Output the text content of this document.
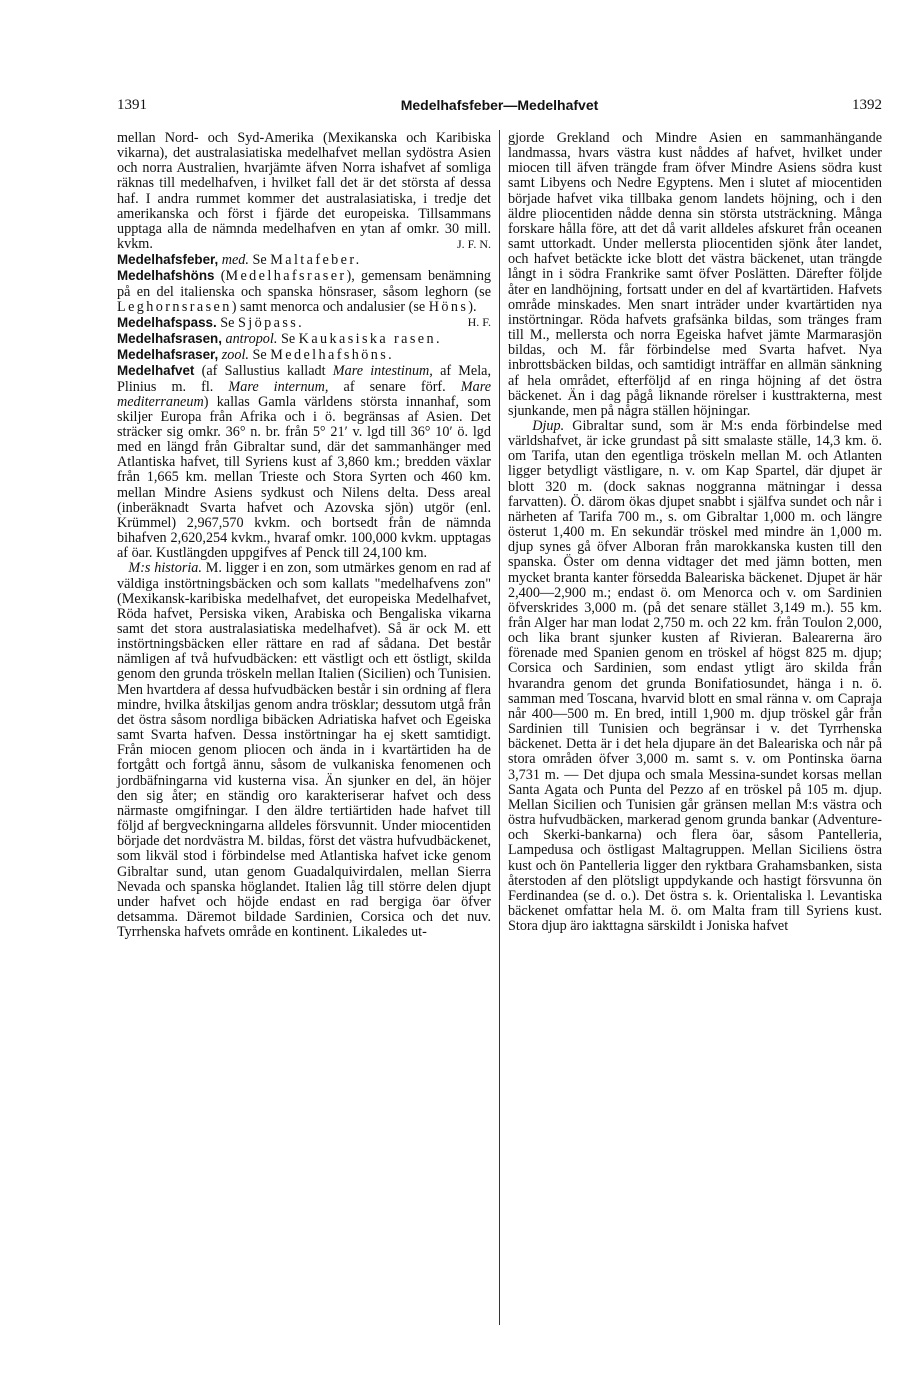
1391	Medelhafsfeber—Medelhafvet	1392

mellan Nord- och Syd-Amerika (Mexikanska och Karibiska vikarna), det australasiatiska medelhafvet mellan sydöstra Asien och norra Australien, hvarjämte äfven Norra ishafvet af somliga räknas till medelhafven, i hvilket fall det är det största af dessa haf. I andra rummet kommer det australasiatiska, i tredje det amerikanska och först i fjärde det europeiska. Tillsammans upptaga alla de nämnda medelhafven en ytan af omkr. 30 mill. kvkm.	J. F. N.

Medelhafsfeber, med. Se Maltafeber.

Medelhafshöns (Medelhafsraser), gemensam benämning på en del italienska och spanska hönsraser, såsom leghorn (se Leghornsrasen) samt menorca och andalusier (se Höns).
H. F.

Medelhafspass. Se Sjöpass.

Medelhafsrasen, antropol. Se Kaukasiska rasen.

Medelhafsraser, zool. Se Medelhafshöns.

Medelhafvet (af Sallustius kalladt Mare intestinum, af Mela, Plinius m. fl. Mare internum, af senare förf. Mare mediterraneum) kallas Gamla världens största innanhaf, som skiljer Europa från Afrika och i ö. begränsas af Asien. Det sträcker sig omkr. 36° n. br. från 5° 21′ v. lgd till 36° 10′ ö. lgd med en längd från Gibraltar sund, där det sammanhänger med Atlantiska hafvet, till Syriens kust af 3,860 km.; bredden växlar från 1,665 km. mellan Trieste och Stora Syrten och 460 km. mellan Mindre Asiens sydkust och Nilens delta. Dess areal (inberäknadt Svarta hafvet och Azovska sjön) utgör (enl. Krümmel) 2,967,570 kvkm. och bortsedt från de nämnda bihafven 2,620,254 kvkm., hvaraf omkr. 100,000 kvkm. upptagas af öar. Kustlängden uppgifves af Penck till 24,100 km.

M:s historia. M. ligger i en zon, som utmärkes genom en rad af väldiga instörtningsbäcken och som kallats "medelhafvens zon" (Mexikansk-karibiska medelhafvet, det europeiska Medelhafvet, Röda hafvet, Persiska viken, Arabiska och Bengaliska vikarna samt det stora australasiatiska medelhafvet). Så är ock M. ett instörtningsbäcken eller rättare en rad af sådana. Det består nämligen af två hufvudbäcken: ett västligt och ett östligt, skilda genom den grunda tröskeln mellan Italien (Sicilien) och Tunisien. Men hvartdera af dessa hufvudbäcken består i sin ordning af flera mindre, hvilka åtskiljas genom andra trösklar; dessutom utgå från det östra såsom nordliga bibäcken Adriatiska hafvet och Egeiska samt Svarta hafven. Dessa instörtningar ha ej skett samtidigt. Från miocen genom pliocen och ända in i kvartärtiden ha de fortgått och fortgå ännu, såsom de vulkaniska fenomenen och jordbäfningarna vid kusterna visa. Än sjunker en del, än höjer den sig åter; en ständig oro karakteriserar hafvet och dess närmaste omgifningar. I den äldre tertiärtiden hade hafvet till följd af bergveckningarna alldeles försvunnit. Under miocentiden började det nordvästra M. bildas, först det västra hufvudbäckenet, som likväl stod i förbindelse med Atlantiska hafvet icke genom Gibraltar sund, utan genom Guadalquivirdalen, mellan Sierra Nevada och spanska höglandet. Italien låg till större delen djupt under hafvet och höjde endast en rad bergiga öar öfver detsamma. Däremot bildade Sardinien, Corsica och det nuv. Tyrrhenska hafvets område en kontinent. Likaledes ut-

gjorde Grekland och Mindre Asien en sammanhängande landmassa, hvars västra kust nåddes af hafvet, hvilket under miocen till äfven trängde fram öfver Mindre Asiens södra kust samt Libyens och Nedre Egyptens. Men i slutet af miocentiden började hafvet vika tillbaka genom landets höjning, och i den äldre pliocentiden nådde denna sin största utsträckning. Många forskare hålla före, att det då varit alldeles afskuret från oceanen samt uttorkadt. Under mellersta pliocentiden sjönk åter landet, och hafvet betäckte icke blott det västra bäckenet, utan trängde långt in i södra Frankrike samt öfver Poslätten. Därefter följde åter en landhöjning, fortsatt under en del af kvartärtiden. Hafvets område minskades. Men snart inträder under kvartärtiden nya instörtningar. Röda hafvets grafsänka bildas, som tränges fram till M., mellersta och norra Egeiska hafvet jämte Marmarasjön bildas, och M. får förbindelse med Svarta hafvet. Nya inbrottsbäcken bildas, och samtidigt inträffar en allmän sänkning af hela området, efterföljd af en ringa höjning af det östra bäckenet. Än i dag pågå liknande rörelser i kusttrakterna, mest sjunkande, men på några ställen höjningar.

Djup. Gibraltar sund, som är M:s enda förbindelse med världshafvet, är icke grundast på sitt smalaste ställe, 14,3 km. ö. om Tarifa, utan den egentliga tröskeln mellan M. och Atlanten ligger betydligt västligare, n. v. om Kap Spartel, där djupet är blott 320 m. (dock saknas noggranna mätningar i dessa farvatten). Ö. därom ökas djupet snabbt i själfva sundet och når i närheten af Tarifa 700 m., s. om Gibraltar 1,000 m. och längre österut 1,400 m. En sekundär tröskel med mindre än 1,000 m. djup synes gå öfver Alboran från marokkanska kusten till den spanska. Öster om denna vidtager det med jämn botten, men mycket branta kanter försedda Baleariska bäckenet. Djupet är här 2,400—2,900 m.; endast ö. om Menorca och v. om Sardinien öfverskrides 3,000 m. (på det senare stället 3,149 m.). 55 km. från Alger har man lodat 2,750 m. och 22 km. från Toulon 2,000, och lika brant sjunker kusten af Rivieran. Balearerna äro förenade med Spanien genom en tröskel af högst 825 m. djup; Corsica och Sardinien, som endast ytligt äro skilda från hvarandra genom det grunda Bonifatiosundet, hänga i n. ö. samman med Toscana, hvarvid blott en smal ränna v. om Capraja når 400—500 m. En bred, intill 1,900 m. djup tröskel går från Sardinien till Tunisien och begränsar i v. det Tyrrhenska bäckenet. Detta är i det hela djupare än det Baleariska och når på stora områden öfver 3,000 m. samt s. v. om Pontinska öarna 3,731 m. — Det djupa och smala Messina-sundet korsas mellan Santa Agata och Punta del Pezzo af en tröskel på 105 m. djup. Mellan Sicilien och Tunisien går gränsen mellan M:s västra och östra hufvudbäcken, markerad genom grunda bankar (Adventure- och Skerki-bankarna) och flera öar, såsom Pantelleria, Lampedusa och östligast Maltagruppen. Mellan Siciliens östra kust och ön Pantelleria ligger den ryktbara Grahamsbanken, sista återstoden af den plötsligt uppdykande och hastigt försvunna ön Ferdinandea (se d. o.). Det östra s. k. Orientaliska l. Levantiska bäckenet omfattar hela M. ö. om Malta fram till Syriens kust. Stora djup äro iakttagna särskildt i Joniska hafvet
